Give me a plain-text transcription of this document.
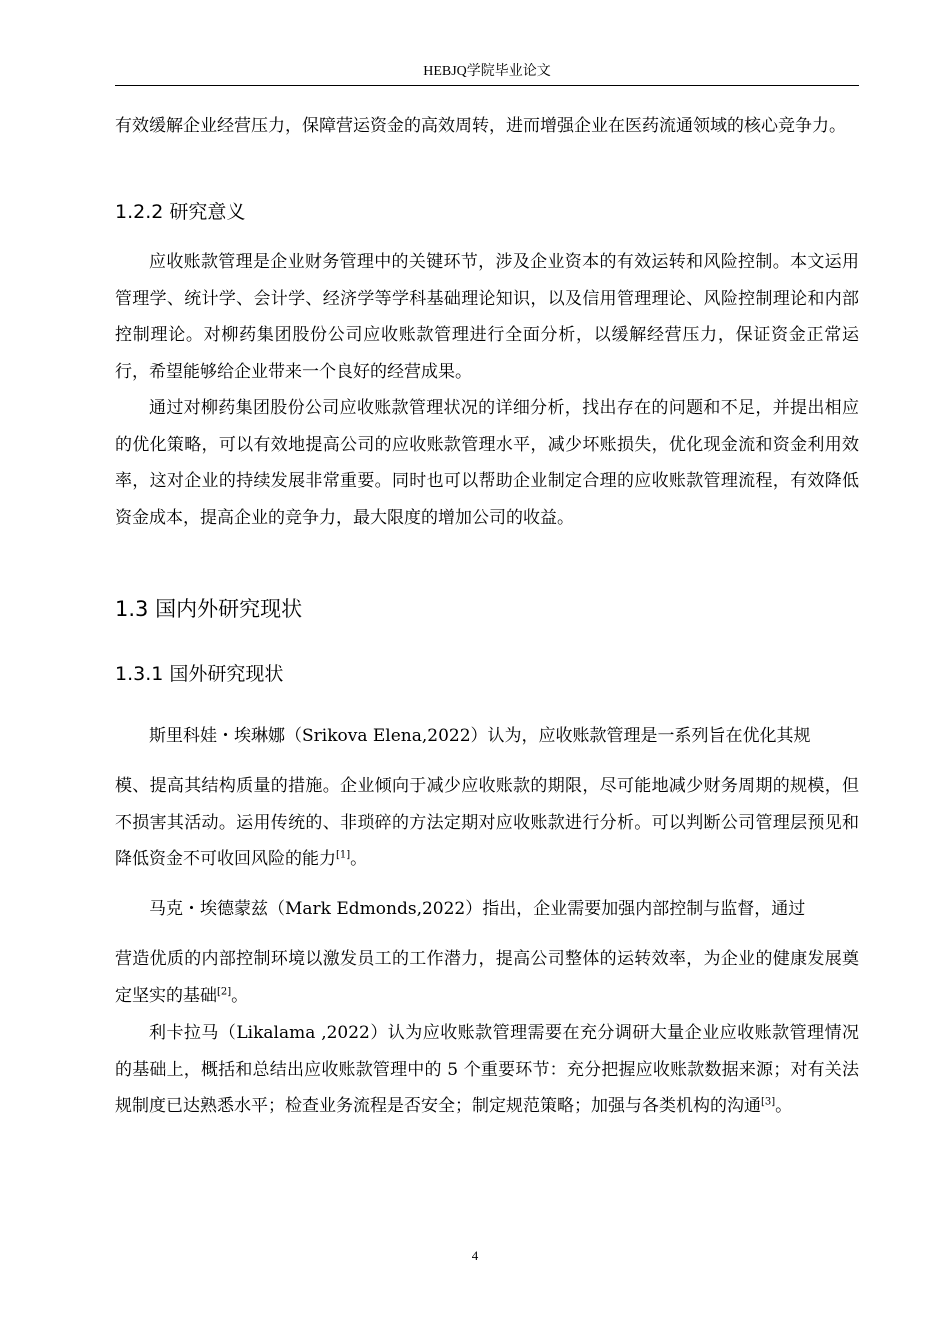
HEBJQ学院毕业论文
有效缓解企业经营压力，保障营运资金的高效周转，进而增强企业在医药流通领域的核心竞争力。
1.2.2 研究意义
应收账款管理是企业财务管理中的关键环节，涉及企业资本的有效运转和风险控制。本文运用管理学、统计学、会计学、经济学等学科基础理论知识，以及信用管理理论、风险控制理论和内部控制理论。对柳药集团股份公司应收账款管理进行全面分析，以缓解经营压力，保证资金正常运行，希望能够给企业带来一个良好的经营成果。
通过对柳药集团股份公司应收账款管理状况的详细分析，找出存在的问题和不足，并提出相应的优化策略，可以有效地提高公司的应收账款管理水平，减少坏账损失，优化现金流和资金利用效率，这对企业的持续发展非常重要。同时也可以帮助企业制定合理的应收账款管理流程，有效降低资金成本，提高企业的竞争力，最大限度的增加公司的收益。
1.3 国内外研究现状
1.3.1 国外研究现状
斯里科娃・埃琳娜（Srikova Elena,2022）认为，应收账款管理是一系列旨在优化其规
模、提高其结构质量的措施。企业倾向于减少应收账款的期限，尽可能地减少财务周期的规模，但不损害其活动。运用传统的、非琐碎的方法定期对应收账款进行分析。可以判断公司管理层预见和降低资金不可收回风险的能力[1]。
马克・埃德蒙兹（Mark Edmonds,2022）指出，企业需要加强内部控制与监督，通过
营造优质的内部控制环境以激发员工的工作潜力，提高公司整体的运转效率，为企业的健康发展奠定坚实的基础[2]。
利卡拉马（Likalama ,2022）认为应收账款管理需要在充分调研大量企业应收账款管理情况的基础上，概括和总结出应收账款管理中的 5 个重要环节：充分把握应收账款数据来源；对有关法规制度已达熟悉水平；检查业务流程是否安全；制定规范策略；加强与各类机构的沟通[3]。
4
